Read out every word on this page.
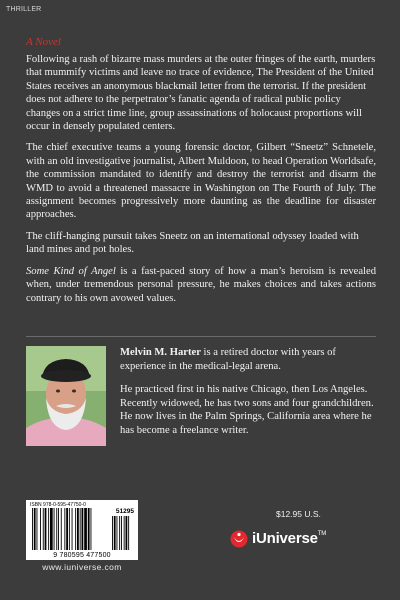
THRILLER
A Novel

Following a rash of bizarre mass murders at the outer fringes of the earth, murders that mummify victims and leave no trace of evidence, The President of the United States receives an anonymous blackmail letter from the terrorist. If the president does not adhere to the perpetrator’s fanatic agenda of radical public policy changes on a strict time line, group assassinations of holocaust proportions will occur in densely populated centers.

The chief executive teams a young forensic doctor, Gilbert “Sneetz” Schnetele, with an old investigative journalist, Albert Muldoon, to head Operation Worldsafe, the commission mandated to identify and destroy the terrorist and disarm the WMD to avoid a threatened massacre in Washington on The Fourth of July. The assignment becomes progressively more daunting as the deadline for disaster approaches.

The cliff-hanging pursuit takes Sneetz on an international odyssey loaded with land mines and pot holes.

Some Kind of Angel is a fast-paced story of how a man’s heroism is revealed when, under tremendous personal pressure, he makes choices and takes actions contrary to his own avowed values.

Melvin M. Harter is a retired doctor with years of experience in the medical-legal arena.

He practiced first in his native Chicago, then Los Angeles. Recently widowed, he has two sons and four grandchildren. He now lives in the Palm Springs, California area where he has become a freelance writer.

ISBN 978-0-595-47750-0
51295
9 780595 477500
www.iuniverse.com
$12.95 U.S.
iUniverse™
